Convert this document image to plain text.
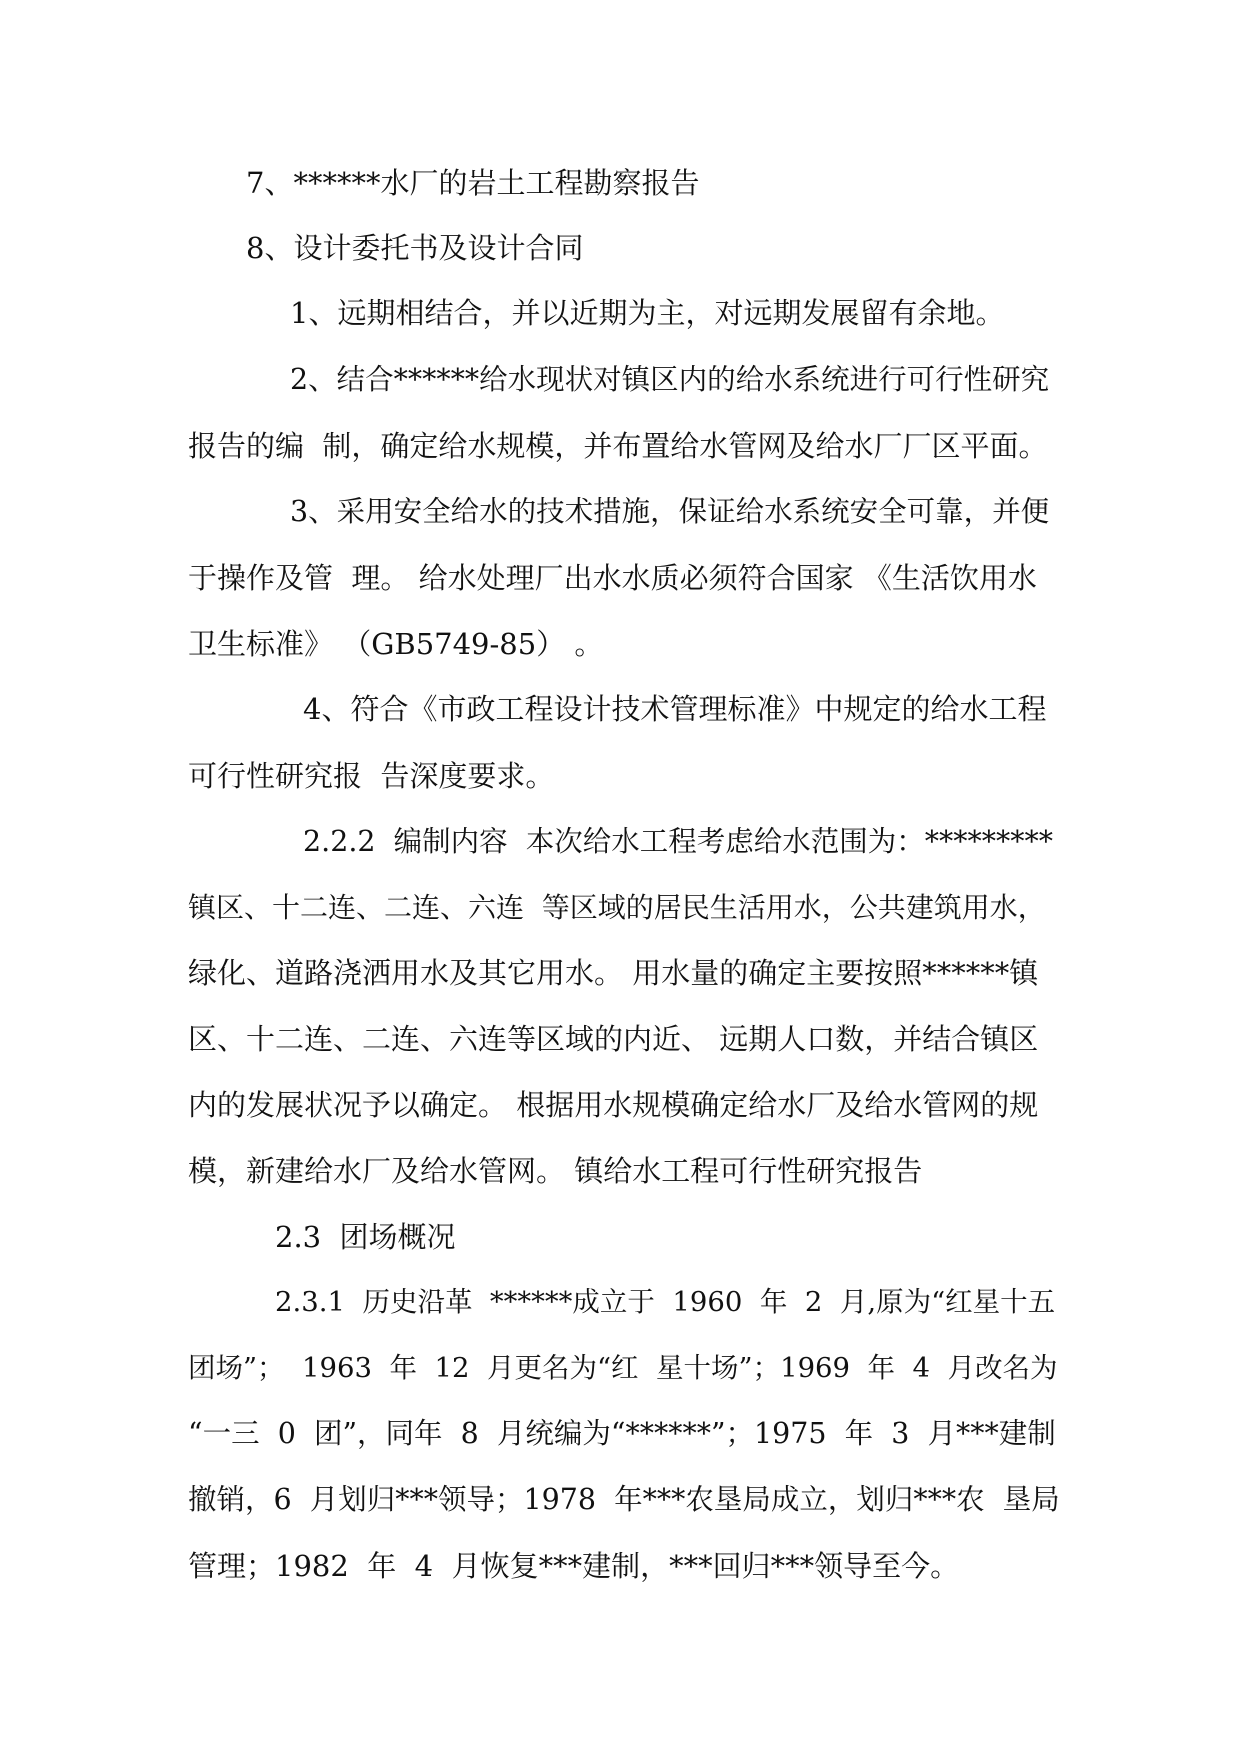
7、******水厂的岩土工程勘察报告

8、设计委托书及设计合同

1、远期相结合，并以近期为主，对远期发展留有余地。

2、结合******给水现状对镇区内的给水系统进行可行性研究

报告的编  制，确定给水规模，并布置给水管网及给水厂厂区平面。

3、采用安全给水的技术措施，保证给水系统安全可靠，并便

于操作及管  理。 给水处理厂出水水质必须符合国家 《生活饮用水

卫生标准》 （GB5749-85） 。

4、符合《市政工程设计技术管理标准》中规定的给水工程

可行性研究报  告深度要求。

2.2.2  编制内容  本次给水工程考虑给水范围为：*********

镇区、十二连、二连、六连  等区域的居民生活用水，公共建筑用水，

绿化、道路浇洒用水及其它用水。 用水量的确定主要按照******镇

区、十二连、二连、六连等区域的内近、 远期人口数，并结合镇区

内的发展状况予以确定。 根据用水规模确定给水厂及给水管网的规

模，新建给水厂及给水管网。 镇给水工程可行性研究报告

2.3  团场概况

2.3.1  历史沿革  ******成立于  1960  年  2  月,原为“红星十五

团场”；  1963  年  12  月更名为“红  星十场”；1969  年  4  月改名为

“一三  0  团”，同年  8  月统编为“******”；1975  年  3  月***建制

撤销，6  月划归***领导；1978  年***农垦局成立，划归***农  垦局

管理；1982  年  4  月恢复***建制，***回归***领导至今。
